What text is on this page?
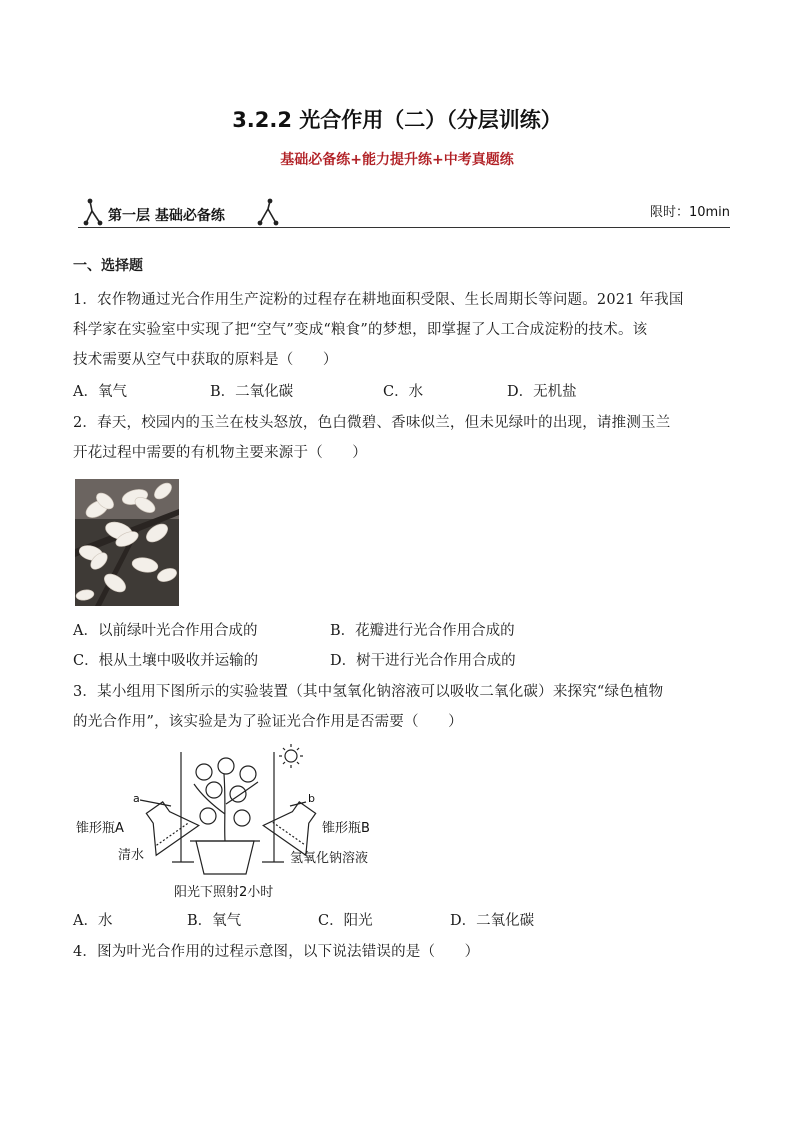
3.2.2 光合作用（二）（分层训练）
基础必备练+能力提升练+中考真题练
第一层 基础必备练	限时：10min
一、选择题
1．农作物通过光合作用生产淀粉的过程存在耕地面积受限、生长周期长等问题。2021 年我国
科学家在实验室中实现了把“空气”变成“粮食”的梦想，即掌握了人工合成淀粉的技术。该
技术需要从空气中获取的原料是（　　）
A．氧气	B．二氧化碳	C．水	D．无机盐
2．春天，校园内的玉兰在枝头怒放，色白微碧、香味似兰，但未见绿叶的出现，请推测玉兰
开花过程中需要的有机物主要来源于（　　）
A．以前绿叶光合作用合成的	B．花瓣进行光合作用合成的
C．根从土壤中吸收并运输的	D．树干进行光合作用合成的
3．某小组用下图所示的实验装置（其中氢氧化钠溶液可以吸收二氧化碳）来探究“绿色植物
的光合作用”，该实验是为了验证光合作用是否需要（　　）
a	b
锥形瓶A	锥形瓶B
清水	氢氧化钠溶液
阳光下照射2小时
A．水	B．氧气	C．阳光	D．二氧化碳
4．图为叶光合作用的过程示意图，以下说法错误的是（　　）
